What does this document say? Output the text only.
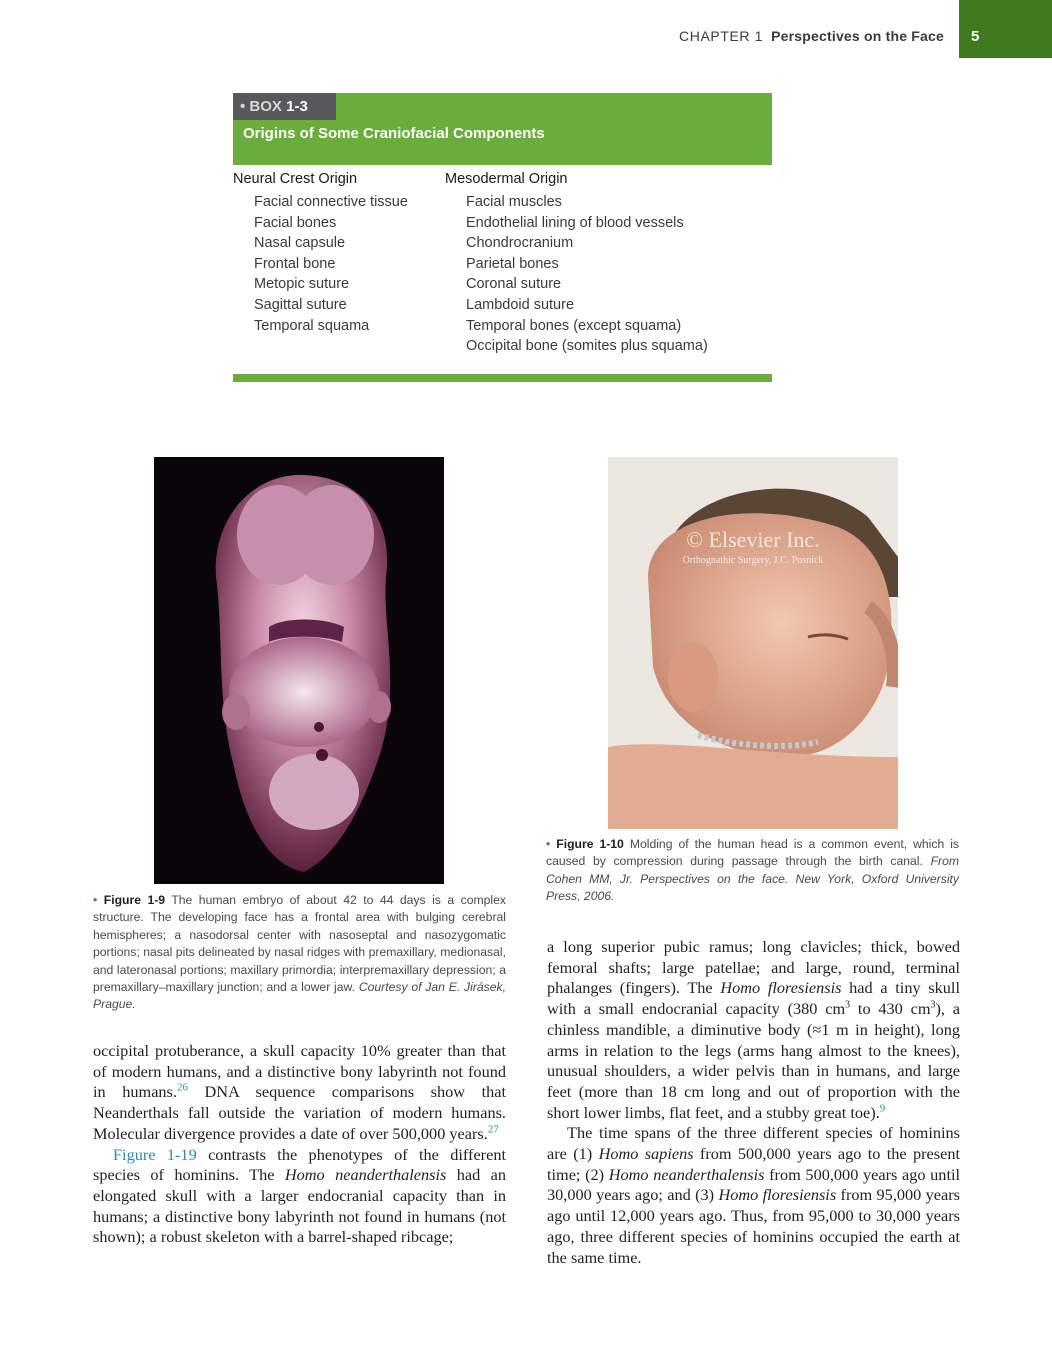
CHAPTER 1 Perspectives on the Face 5
• BOX 1-3
Origins of Some Craniofacial Components
Neural Crest Origin
Facial connective tissue
Facial bones
Nasal capsule
Frontal bone
Metopic suture
Sagittal suture
Temporal squama
Mesodermal Origin
Facial muscles
Endothelial lining of blood vessels
Chondrocranium
Parietal bones
Coronal suture
Lambdoid suture
Temporal bones (except squama)
Occipital bone (somites plus squama)
© Elsevier Inc.
Orthognathic Surgery, J.C. Posnick
• Figure 1-9 The human embryo of about 42 to 44 days is a complex structure. The developing face has a frontal area with bulging cerebral hemispheres; a nasodorsal center with nasoseptal and nasozygomatic portions; nasal pits delineated by nasal ridges with premaxillary, medionasal, and lateronasal portions; maxillary primordia; interpremaxillary depression; a premaxillary–maxillary junction; and a lower jaw. Courtesy of Jan E. Jirásek, Prague.
• Figure 1-10 Molding of the human head is a common event, which is caused by compression during passage through the birth canal. From Cohen MM, Jr. Perspectives on the face. New York, Oxford University Press, 2006.

occipital protuberance, a skull capacity 10% greater than that of modern humans, and a distinctive bony labyrinth not found in humans.$^{26}$ DNA sequence comparisons show that Neanderthals fall outside the variation of modern humans. Molecular divergence provides a date of over 500,000 years.$^{27}$

Figure 1-19 contrasts the phenotypes of the different species of hominins. The Homo neanderthalensis had an elongated skull with a larger endocranial capacity than in humans; a distinctive bony labyrinth not found in humans (not shown); a robust skeleton with a barrel-shaped ribcage;

a long superior pubic ramus; long clavicles; thick, bowed femoral shafts; large patellae; and large, round, terminal phalanges (fingers). The Homo floresiensis had a tiny skull with a small endocranial capacity (380 $cm^3$ to 430 $cm^3$), a chinless mandible, a diminutive body (≈1 m in height), long arms in relation to the legs (arms hang almost to the knees), unusual shoulders, a wider pelvis than in humans, and large feet (more than 18 cm long and out of proportion with the short lower limbs, flat feet, and a stubby great toe).$^9$

The time spans of the three different species of hominins are (1) Homo sapiens from 500,000 years ago to the present time; (2) Homo neanderthalensis from 500,000 years ago until 30,000 years ago; and (3) Homo floresiensis from 95,000 years ago until 12,000 years ago. Thus, from 95,000 to 30,000 years ago, three different species of hominins occupied the earth at the same time.
